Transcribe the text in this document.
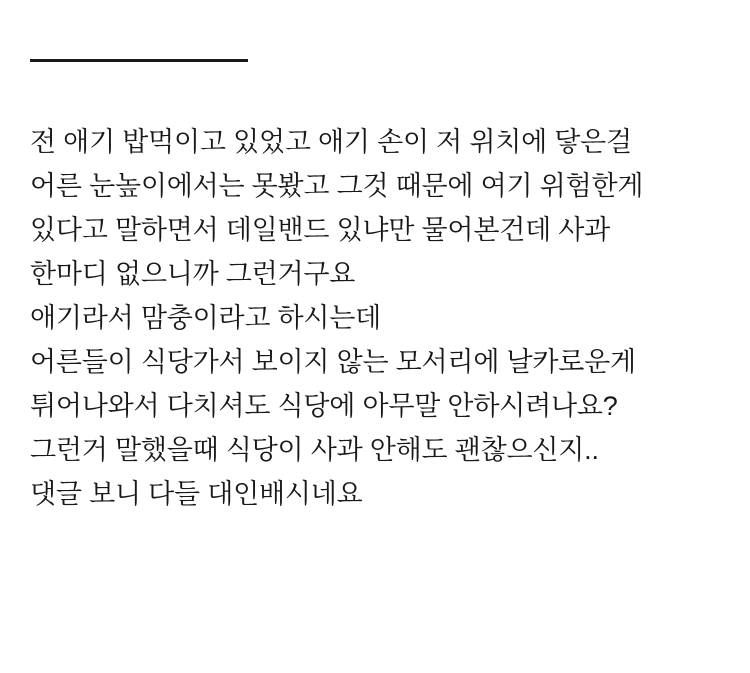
전 애기 밥먹이고 있었고 애기 손이 저 위치에 닿은걸
어른 눈높이에서는 못봤고 그것 때문에 여기 위험한게
있다고 말하면서 데일밴드 있냐만 물어본건데 사과
한마디 없으니까 그런거구요
애기라서 맘충이라고 하시는데
어른들이 식당가서 보이지 않는 모서리에 날카로운게
튀어나와서 다치셔도 식당에 아무말 안하시려나요?
그런거 말했을때 식당이 사과 안해도 괜찮으신지..
댓글 보니 다들 대인배시네요
